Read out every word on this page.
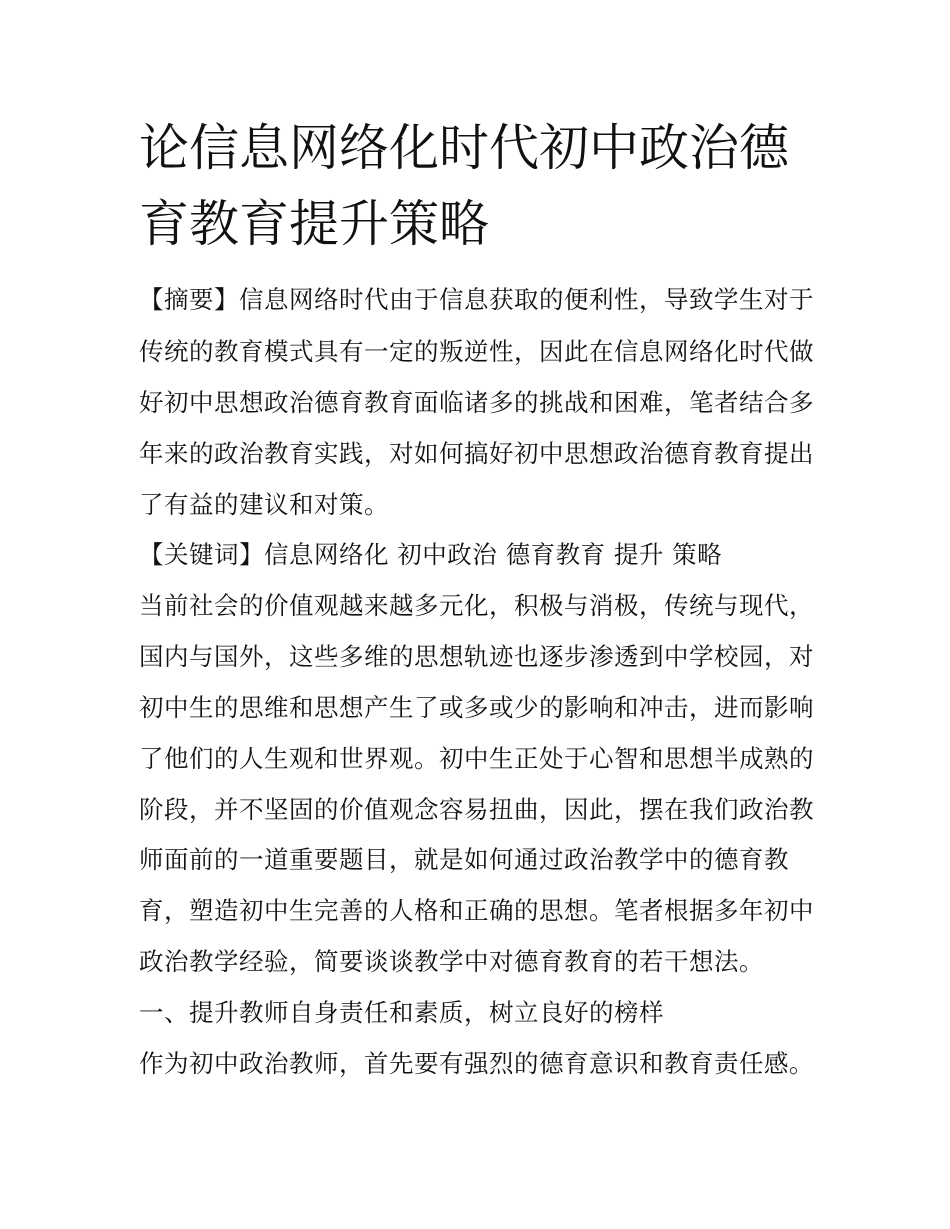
论信息网络化时代初中政治德
育教育提升策略
【摘要】信息网络时代由于信息获取的便利性，导致学生对于
传统的教育模式具有一定的叛逆性，因此在信息网络化时代做
好初中思想政治德育教育面临诸多的挑战和困难，笔者结合多
年来的政治教育实践，对如何搞好初中思想政治德育教育提出
了有益的建议和对策。
【关键词】信息网络化 初中政治 德育教育 提升 策略
当前社会的价值观越来越多元化，积极与消极，传统与现代，
国内与国外，这些多维的思想轨迹也逐步渗透到中学校园，对
初中生的思维和思想产生了或多或少的影响和冲击，进而影响
了他们的人生观和世界观。初中生正处于心智和思想半成熟的
阶段，并不坚固的价值观念容易扭曲，因此，摆在我们政治教
师面前的一道重要题目，就是如何通过政治教学中的德育教
育，塑造初中生完善的人格和正确的思想。笔者根据多年初中
政治教学经验，简要谈谈教学中对德育教育的若干想法。
一、提升教师自身责任和素质，树立良好的榜样
作为初中政治教师，首先要有强烈的德育意识和教育责任感。
